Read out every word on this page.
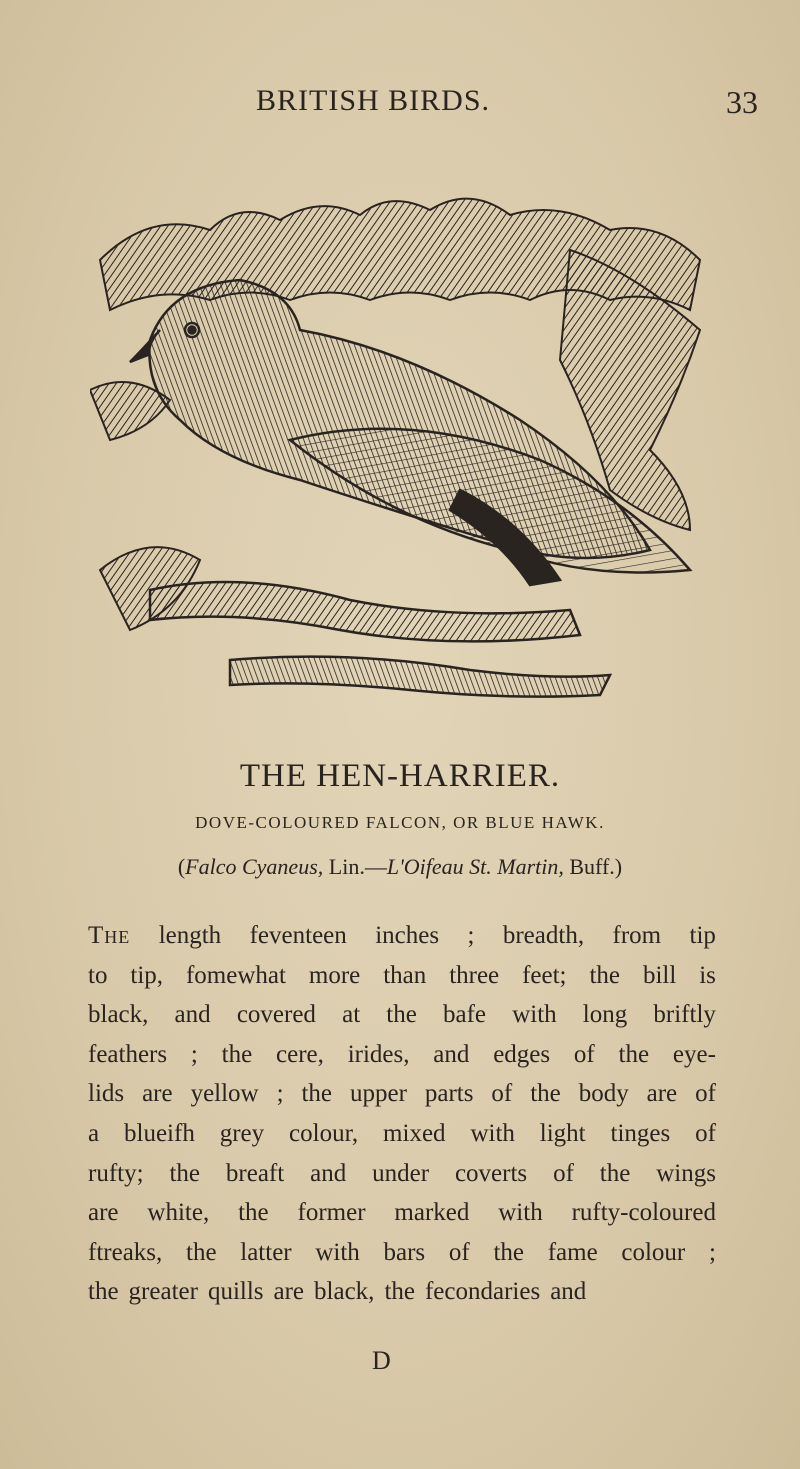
BRITISH BIRDS.	33
THE HEN-HARRIER.
DOVE-COLOURED FALCON, OR BLUE HAWK.
(Falco Cyaneus, Lin.—L'Oifeau St. Martin, Buff.)
The length feventeen inches ; breadth, from tip
to tip, fomewhat more than three feet; the bill is
black, and covered at the bafe with long briftly
feathers ; the cere, irides, and edges of the eye-
lids are yellow ; the upper parts of the body are of
a blueifh grey colour, mixed with light tinges of
rufty; the breaft and under coverts of the wings
are white, the former marked with rufty-coloured
ftreaks, the latter with bars of the fame colour ;
the greater quills are black, the fecondaries and
D
